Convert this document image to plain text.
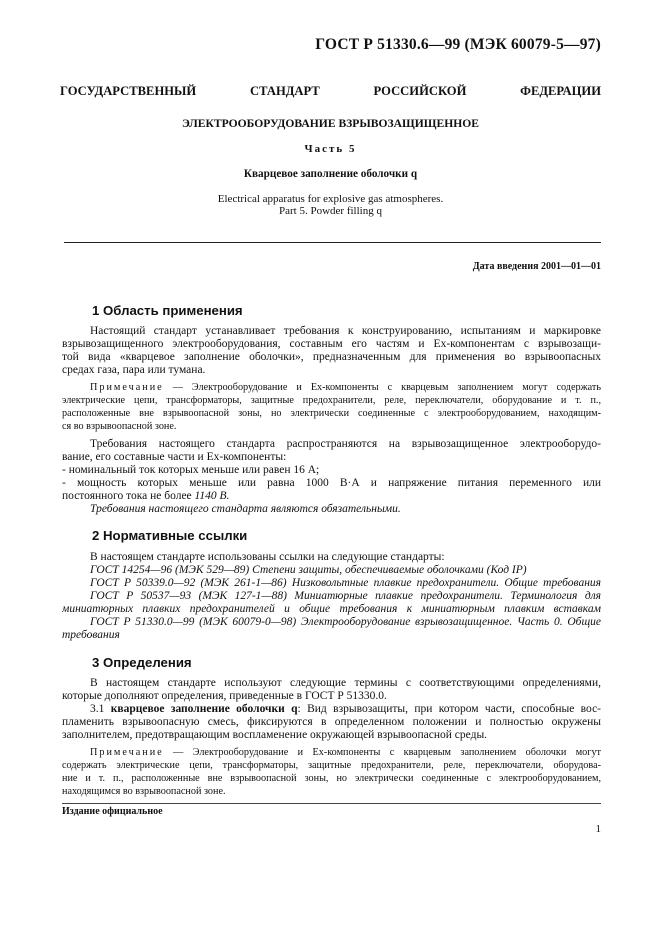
ГОСТ Р 51330.6—99 (МЭК 60079-5—97)
ГОСУДАРСТВЕННЫЙ СТАНДАРТ РОССИЙСКОЙ ФЕДЕРАЦИИ
ЭЛЕКТРООБОРУДОВАНИЕ ВЗРЫВОЗАЩИЩЕННОЕ
Часть 5
Кварцевое заполнение оболочки q
Electrical apparatus for explosive gas atmospheres.
Part 5. Powder filling q
Дата введения 2001—01—01
1 Область применения
Настоящий стандарт устанавливает требования к конструированию, испытаниям и маркировке
взрывозащищенного электрооборудования, составным его частям и Ex-компонентам с взрывозащи-
той вида «кварцевое заполнение оболочки», предназначенным для применения во взрывоопасных
средах газа, пара или тумана.
Примечание — Электрооборудование и Ex-компоненты с кварцевым заполнением могут содержать
электрические цепи, трансформаторы, защитные предохранители, реле, переключатели, оборудование и т. п.,
расположенные вне взрывоопасной зоны, но электрически соединенные с электрооборудованием, находящим-
ся во взрывоопасной зоне.
Требования настоящего стандарта распространяются на взрывозащищенное электрооборудо-
вание, его составные части и Ex-компоненты:
- номинальный ток которых меньше или равен 16 А;
- мощность которых меньше или равна 1000 В·А и напряжение питания переменного или
постоянного тока не более 1140 В.
Требования настоящего стандарта являются обязательными.
2 Нормативные ссылки
В настоящем стандарте использованы ссылки на следующие стандарты:
ГОСТ 14254—96 (МЭК 529—89) Степени защиты, обеспечиваемые оболочками (Код IP)
ГОСТ Р 50339.0—92 (МЭК 261-1—86) Низковольтные плавкие предохранители. Общие требования
ГОСТ Р 50537—93 (МЭК 127-1—88) Миниатюрные плавкие предохранители. Терминология для
миниатюрных плавких предохранителей и общие требования к миниатюрным плавким вставкам
ГОСТ Р 51330.0—99 (МЭК 60079-0—98) Электрооборудование взрывозащищенное. Часть 0. Общие
требования
3 Определения
В настоящем стандарте используют следующие термины с соответствующими определениями,
которые дополняют определения, приведенные в ГОСТ Р 51330.0.
3.1 кварцевое заполнение оболочки q: Вид взрывозащиты, при котором части, способные вос-
пламенить взрывоопасную смесь, фиксируются в определенном положении и полностью окружены
заполнителем, предотвращающим воспламенение окружающей взрывоопасной среды.
Примечание — Электрооборудование и Ex-компоненты с кварцевым заполнением оболочки могут
содержать электрические цепи, трансформаторы, защитные предохранители, реле, переключатели, оборудова-
ние и т. п., расположенные вне взрывоопасной зоны, но электрически соединенные с электрооборудованием,
находящимся во взрывоопасной зоне.
Издание официальное
1
